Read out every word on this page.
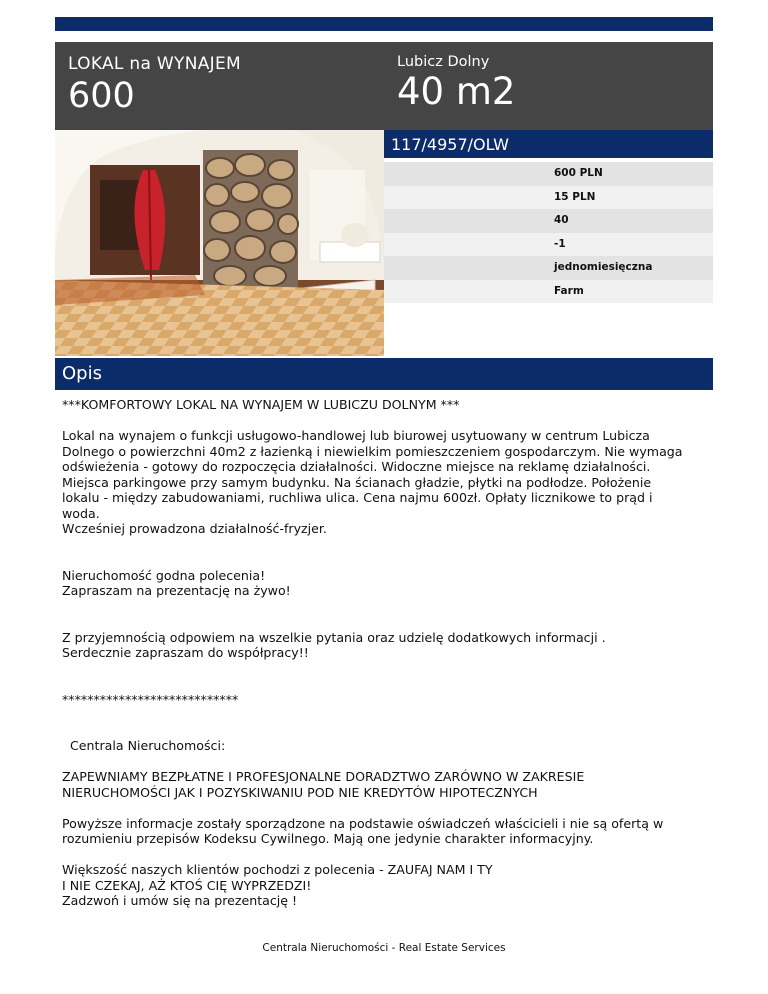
LOKAL na WYNAJEM
600
Lubicz Dolny
40 m2
117/4957/OLW
600 PLN
15 PLN
40
-1
jednomiesięczna
Farm
Opis

***KOMFORTOWY LOKAL NA WYNAJEM W LUBICZU DOLNYM ***

Lokal na wynajem o funkcji usługowo-handlowej lub biurowej usytuowany w centrum Lubicza

Dolnego o powierzchni 40m2 z łazienką i niewielkim pomieszczeniem gospodarczym. Nie wymaga

odświeżenia - gotowy do rozpoczęcia działalności. Widoczne miejsce na reklamę działalności.

Miejsca parkingowe przy samym budynku. Na ścianach gładzie, płytki na podłodze. Położenie

lokalu - między zabudowaniami, ruchliwa ulica. Cena najmu 600zł. Opłaty licznikowe to prąd i

woda.

Wcześniej prowadzona działalność-fryzjer.

Nieruchomość godna polecenia!

Zapraszam na prezentację na żywo!

Z przyjemnością odpowiem na wszelkie pytania oraz udzielę dodatkowych informacji .

Serdecznie zapraszam do współpracy!!

****************************

Centrala Nieruchomości:

ZAPEWNIAMY BEZPŁATNE I PROFESJONALNE DORADZTWO ZARÓWNO W ZAKRESIE

NIERUCHOMOŚCI JAK I POZYSKIWANIU POD NIE KREDYTÓW HIPOTECZNYCH

Powyższe informacje zostały sporządzone na podstawie oświadczeń właścicieli i nie są ofertą w

rozumieniu przepisów Kodeksu Cywilnego. Mają one jedynie charakter informacyjny.

Większość naszych klientów pochodzi z polecenia - ZAUFAJ NAM I TY

I NIE CZEKAJ, AŻ KTOŚ CIĘ WYPRZEDZI!

Zadzwoń i umów się na prezentację !

Centrala Nieruchomości - Real Estate Services
